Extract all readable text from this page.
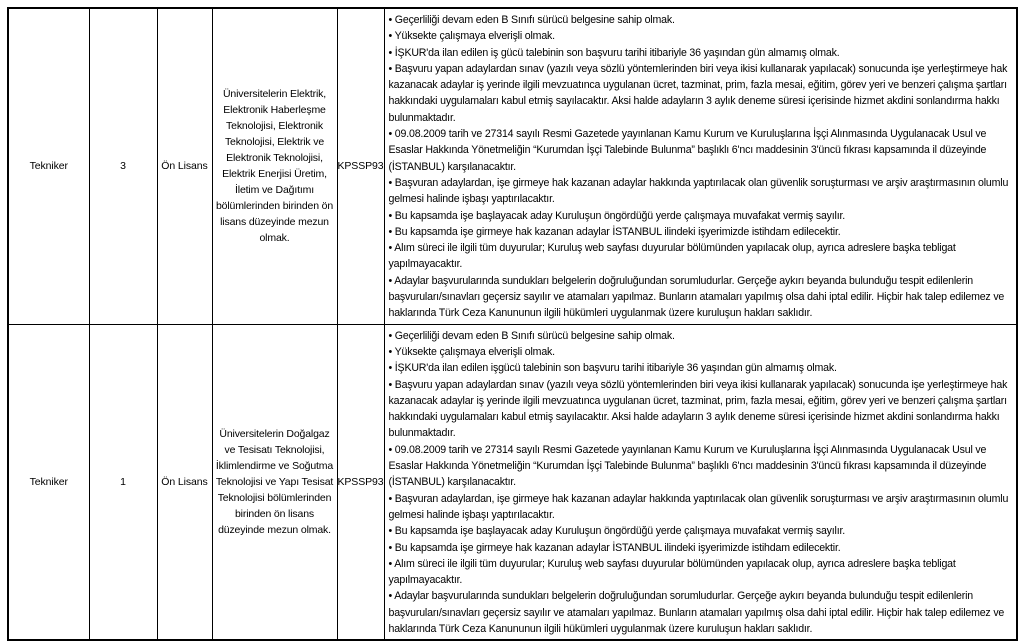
Tekniker	3	Ön Lisans	Üniversitelerin Elektrik, Elektronik Haberleşme Teknolojisi, Elektronik Teknolojisi, Elektrik ve Elektronik Teknolojisi, Elektrik Enerjisi Üretim, İletim ve Dağıtımı bölümlerinden birinden ön lisans düzeyinde mezun olmak.	KPSSP93	
• Geçerliliği devam eden B Sınıfı sürücü belgesine sahip olmak.
• Yüksekte çalışmaya elverişli olmak.
• İŞKUR'da ilan edilen iş gücü talebinin son başvuru tarihi itibariyle 36 yaşından gün almamış olmak.
• Başvuru yapan adaylardan sınav (yazılı veya sözlü yöntemlerinden biri veya ikisi kullanarak yapılacak) sonucunda işe yerleştirmeye hak kazanacak adaylar iş yerinde ilgili mevzuatınca uygulanan ücret, tazminat, prim, fazla mesai, eğitim, görev yeri ve benzeri çalışma şartları hakkındaki uygulamaları kabul etmiş sayılacaktır. Aksi halde adayların 3 aylık deneme süresi içerisinde hizmet akdini sonlandırma hakkı bulunmaktadır.
• 09.08.2009 tarih ve 27314 sayılı Resmi Gazetede yayınlanan Kamu Kurum ve Kuruluşlarına İşçi Alınmasında Uygulanacak Usul ve Esaslar Hakkında Yönetmeliğin “Kurumdan İşçi Talebinde Bulunma” başlıklı 6'ncı maddesinin 3'üncü fıkrası kapsamında il düzeyinde (İSTANBUL) karşılanacaktır.
• Başvuran adaylardan, işe girmeye hak kazanan adaylar hakkında yaptırılacak olan güvenlik soruşturması ve arşiv araştırmasının olumlu gelmesi halinde işbaşı yaptırılacaktır.
• Bu kapsamda işe başlayacak aday Kuruluşun öngördüğü yerde çalışmaya muvafakat vermiş sayılır.
• Bu kapsamda işe girmeye hak kazanan adaylar İSTANBUL ilindeki işyerimizde istihdam edilecektir.
• Alım süreci ile ilgili tüm duyurular; Kuruluş web sayfası duyurular bölümünden yapılacak olup, ayrıca adreslere başka tebligat yapılmayacaktır.
• Adaylar başvurularında sundukları belgelerin doğruluğundan sorumludurlar. Gerçeğe aykırı beyanda bulunduğu tespit edilenlerin başvuruları/sınavları geçersiz sayılır ve atamaları yapılmaz. Bunların atamaları yapılmış olsa dahi iptal edilir. Hiçbir hak talep edilemez ve haklarında Türk Ceza Kanununun ilgili hükümleri uygulanmak üzere kuruluşun hakları saklıdır.

Tekniker	1	Ön Lisans	Üniversitelerin Doğalgaz ve Tesisatı Teknolojisi, İklimlendirme ve Soğutma Teknolojisi ve Yapı Tesisat Teknolojisi bölümlerinden birinden ön lisans düzeyinde mezun olmak.	KPSSP93	
• Geçerliliği devam eden B Sınıfı sürücü belgesine sahip olmak.
• Yüksekte çalışmaya elverişli olmak.
• İŞKUR'da ilan edilen işgücü talebinin son başvuru tarihi itibariyle 36 yaşından gün almamış olmak.
• Başvuru yapan adaylardan sınav (yazılı veya sözlü yöntemlerinden biri veya ikisi kullanarak yapılacak) sonucunda işe yerleştirmeye hak kazanacak adaylar iş yerinde ilgili mevzuatınca uygulanan ücret, tazminat, prim, fazla mesai, eğitim, görev yeri ve benzeri çalışma şartları hakkındaki uygulamaları kabul etmiş sayılacaktır. Aksi halde adayların 3 aylık deneme süresi içerisinde hizmet akdini sonlandırma hakkı bulunmaktadır.
• 09.08.2009 tarih ve 27314 sayılı Resmi Gazetede yayınlanan Kamu Kurum ve Kuruluşlarına İşçi Alınmasında Uygulanacak Usul ve Esaslar Hakkında Yönetmeliğin “Kurumdan İşçi Talebinde Bulunma” başlıklı 6'ncı maddesinin 3'üncü fıkrası kapsamında il düzeyinde (İSTANBUL) karşılanacaktır.
• Başvuran adaylardan, işe girmeye hak kazanan adaylar hakkında yaptırılacak olan güvenlik soruşturması ve arşiv araştırmasının olumlu gelmesi halinde işbaşı yaptırılacaktır.
• Bu kapsamda işe başlayacak aday Kuruluşun öngördüğü yerde çalışmaya muvafakat vermiş sayılır.
• Bu kapsamda işe girmeye hak kazanan adaylar İSTANBUL ilindeki işyerimizde istihdam edilecektir.
• Alım süreci ile ilgili tüm duyurular; Kuruluş web sayfası duyurular bölümünden yapılacak olup, ayrıca adreslere başka tebligat yapılmayacaktır.
• Adaylar başvurularında sundukları belgelerin doğruluğundan sorumludurlar. Gerçeğe aykırı beyanda bulunduğu tespit edilenlerin başvuruları/sınavları geçersiz sayılır ve atamaları yapılmaz. Bunların atamaları yapılmış olsa dahi iptal edilir. Hiçbir hak talep edilemez ve haklarında Türk Ceza Kanununun ilgili hükümleri uygulanmak üzere kuruluşun hakları saklıdır.
